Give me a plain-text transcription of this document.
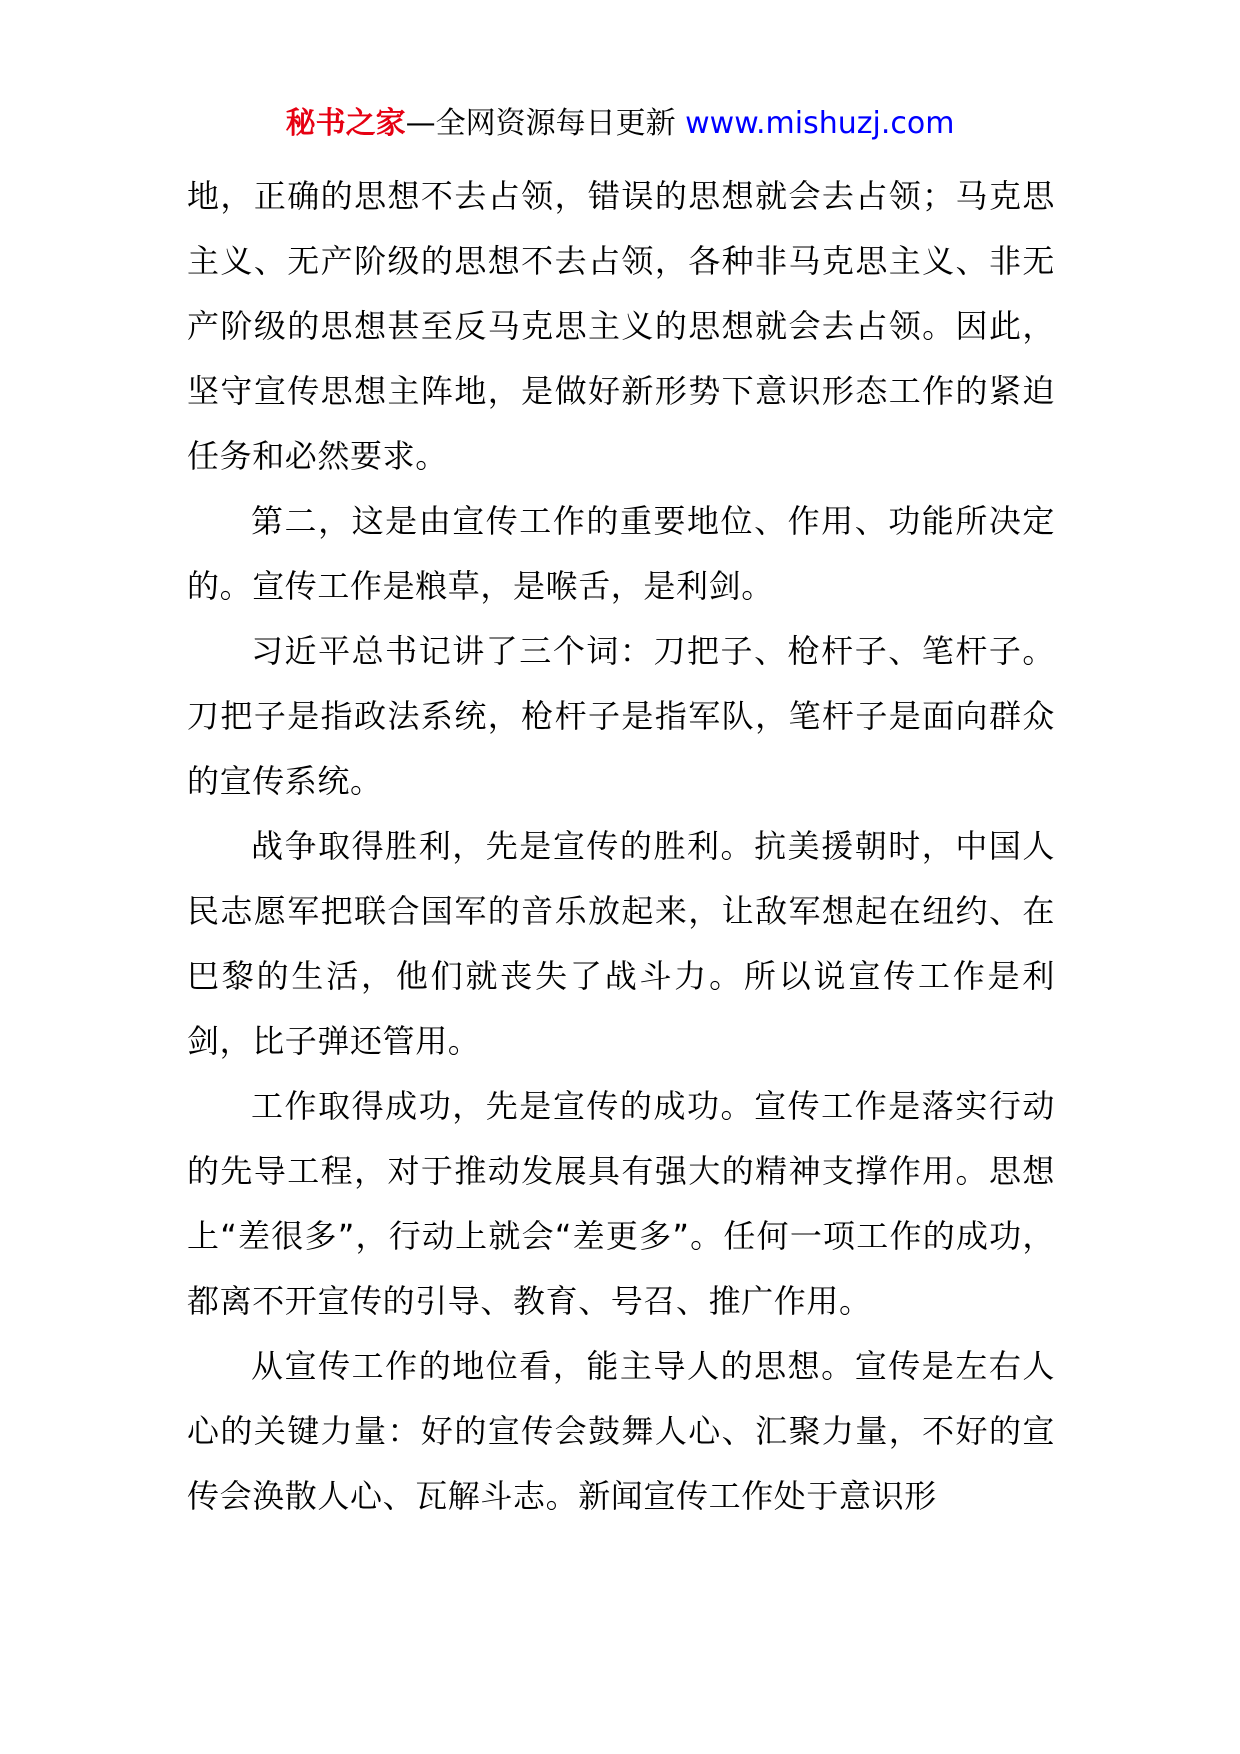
秘书之家—全网资源每日更新 www.mishuzj.com

地，正确的思想不去占领，错误的思想就会去占领；马克思主义、无产阶级的思想不去占领，各种非马克思主义、非无产阶级的思想甚至反马克思主义的思想就会去占领。因此，坚守宣传思想主阵地，是做好新形势下意识形态工作的紧迫任务和必然要求。

第二，这是由宣传工作的重要地位、作用、功能所决定的。宣传工作是粮草，是喉舌，是利剑。

习近平总书记讲了三个词：刀把子、枪杆子、笔杆子。刀把子是指政法系统，枪杆子是指军队，笔杆子是面向群众的宣传系统。

战争取得胜利，先是宣传的胜利。抗美援朝时，中国人民志愿军把联合国军的音乐放起来，让敌军想起在纽约、在巴黎的生活，他们就丧失了战斗力。所以说宣传工作是利剑，比子弹还管用。

工作取得成功，先是宣传的成功。宣传工作是落实行动的先导工程，对于推动发展具有强大的精神支撑作用。思想上“差很多”，行动上就会“差更多”。任何一项工作的成功，都离不开宣传的引导、教育、号召、推广作用。

从宣传工作的地位看，能主导人的思想。宣传是左右人心的关键力量：好的宣传会鼓舞人心、汇聚力量，不好的宣传会涣散人心、瓦解斗志。新闻宣传工作处于意识形
